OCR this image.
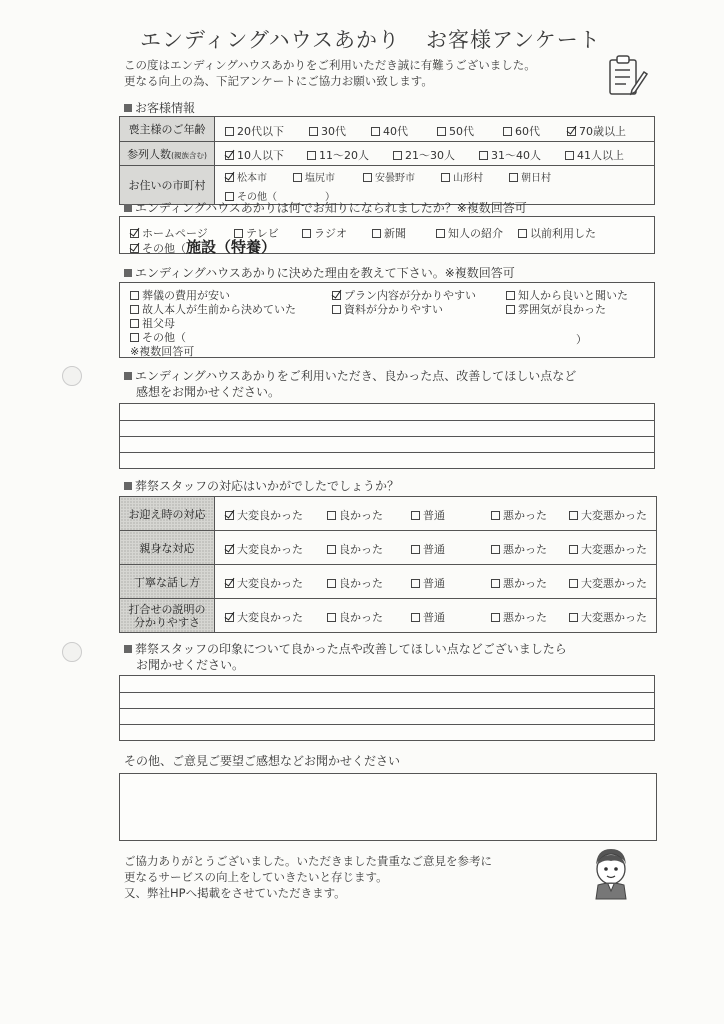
エンディングハウスあかり お客様アンケート
この度はエンディングハウスあかりをご利用いただき誠に有難うございました。
更なる向上の為、下記アンケートにご協力お願い致します。
お客様情報
喪主様のご年齢	20代以下 30代 40代 50代 60代 70歳以上
参列人数(親族含む)	10人以下 11～20人 21～30人 31～40人 41人以上
お住いの市町村	松本市 塩尻市 安曇野市 山形村 朝日村その他（ ）
エンディングハウスあかりは何でお知りになられましたか？※複数回答可
ホームページ	テレビ	ラジオ	新聞	知人の紹介 以前利用した
その他（施設（特養）
エンディングハウスあかりに決めた理由を教えて下さい。※複数回答可
葬儀の費用が安い
故人本人が生前から決めていた
祖父母
その他（
※複数回答可
プラン内容が分かりやすい
資料が分かりやすい
知人から良いと聞いた
雰囲気が良かった
）
エンディングハウスあかりをご利用いただき、良かった点、改善してほしい点など
感想をお聞かせください。
葬祭スタッフの対応はいかがでしたでしょうか？
お迎え時の対応	大変良かった 良かった 普通 悪かった 大変悪かった
親身な対応	大変良かった 良かった 普通 悪かった 大変悪かった
丁寧な話し方	大変良かった 良かった 普通 悪かった 大変悪かった

打合せの説明の
分かりやすさ	大変良かった 良かった 普通 悪かった 大変悪かった
葬祭スタッフの印象について良かった点や改善してほしい点などございましたら
お聞かせください。
その他、ご意見ご要望ご感想などお聞かせください
ご協力ありがとうございました。いただきました貴重なご意見を参考に
更なるサービスの向上をしていきたいと存じます。
又、弊社HPへ掲載をさせていただきます。
